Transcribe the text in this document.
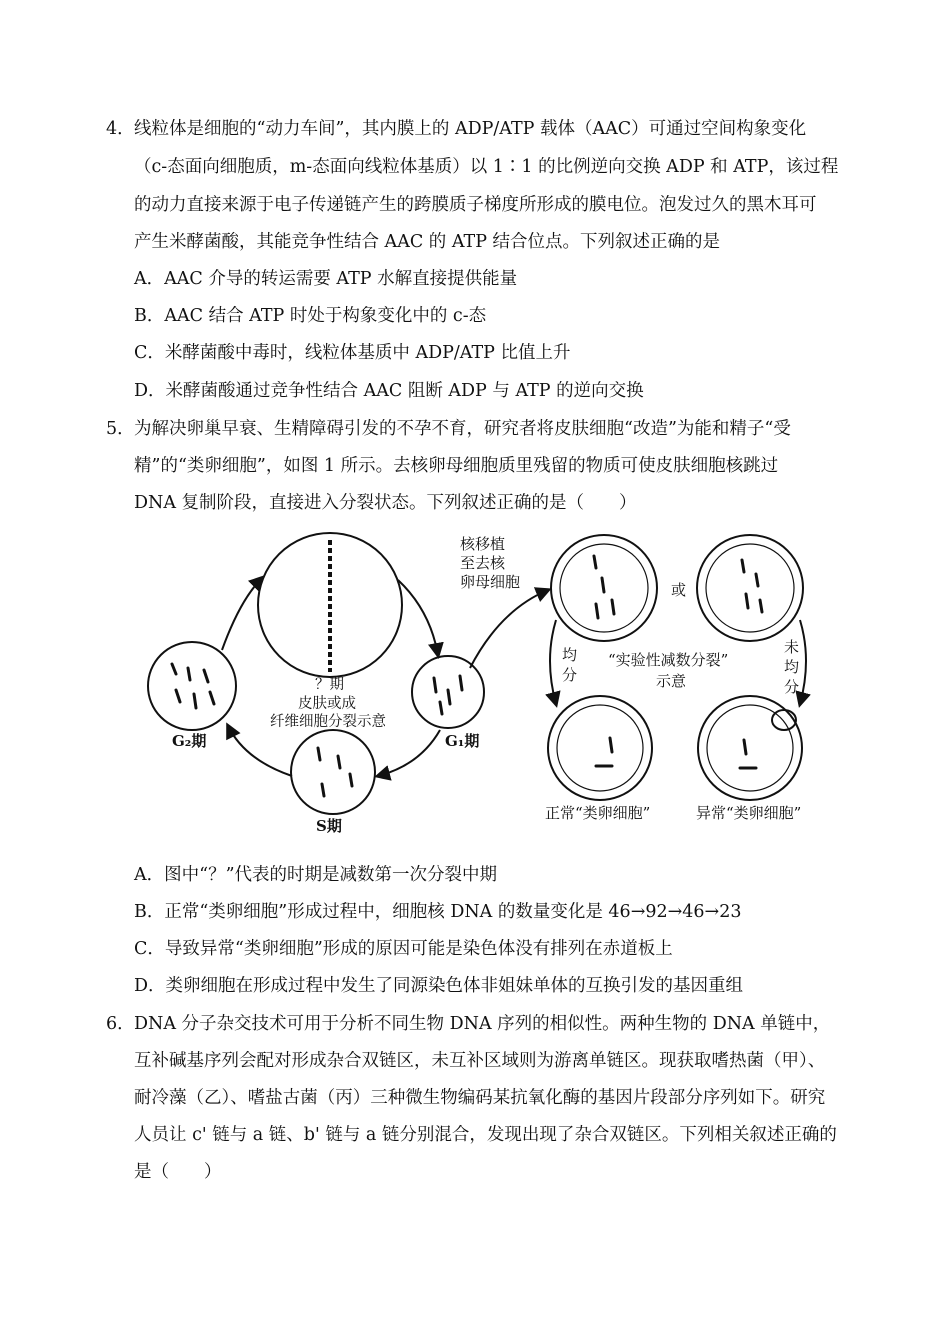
4． 线粒体是细胞的“动力车间”，其内膜上的 ADP/ATP 载体（AAC）可通过空间构象变化
（c-态面向细胞质，m-态面向线粒体基质）以 1∶1 的比例逆向交换 ADP 和 ATP，该过程
的动力直接来源于电子传递链产生的跨膜质子梯度所形成的膜电位。泡发过久的黑木耳可
产生米酵菌酸，其能竞争性结合 AAC 的 ATP 结合位点。下列叙述正确的是
A．AAC 介导的转运需要 ATP 水解直接提供能量
B．AAC 结合 ATP 时处于构象变化中的 c-态
C．米酵菌酸中毒时，线粒体基质中 ADP/ATP 比值上升
D．米酵菌酸通过竞争性结合 AAC 阻断 ADP 与 ATP 的逆向交换
5． 为解决卵巢早衰、生精障碍引发的不孕不育，研究者将皮肤细胞“改造”为能和精子“受
精”的“类卵细胞”，如图 1 所示。去核卵母细胞质里残留的物质可使皮肤细胞核跳过
DNA 复制阶段，直接进入分裂状态。下列叙述正确的是（　　）
核移植
至去核
卵母细胞	或
均
分
未
均
分
“实验性减数分裂”
示意
？期
皮肤或成
纤维细胞分裂示意
G₂期	G₁期
S期
正常“类卵细胞”	异常“类卵细胞”
A．图中“？”代表的时期是减数第一次分裂中期
B．正常“类卵细胞”形成过程中，细胞核 DNA 的数量变化是 46→92→46→23
C．导致异常“类卵细胞”形成的原因可能是染色体没有排列在赤道板上
D．类卵细胞在形成过程中发生了同源染色体非姐妹单体的互换引发的基因重组
6． DNA 分子杂交技术可用于分析不同生物 DNA 序列的相似性。两种生物的 DNA 单链中，
互补碱基序列会配对形成杂合双链区，未互补区域则为游离单链区。现获取嗜热菌（甲）、
耐冷藻（乙）、嗜盐古菌（丙）三种微生物编码某抗氧化酶的基因片段部分序列如下。研究
人员让 c' 链与 a 链、b' 链与 a 链分别混合，发现出现了杂合双链区。下列相关叙述正确的
是（　　）
